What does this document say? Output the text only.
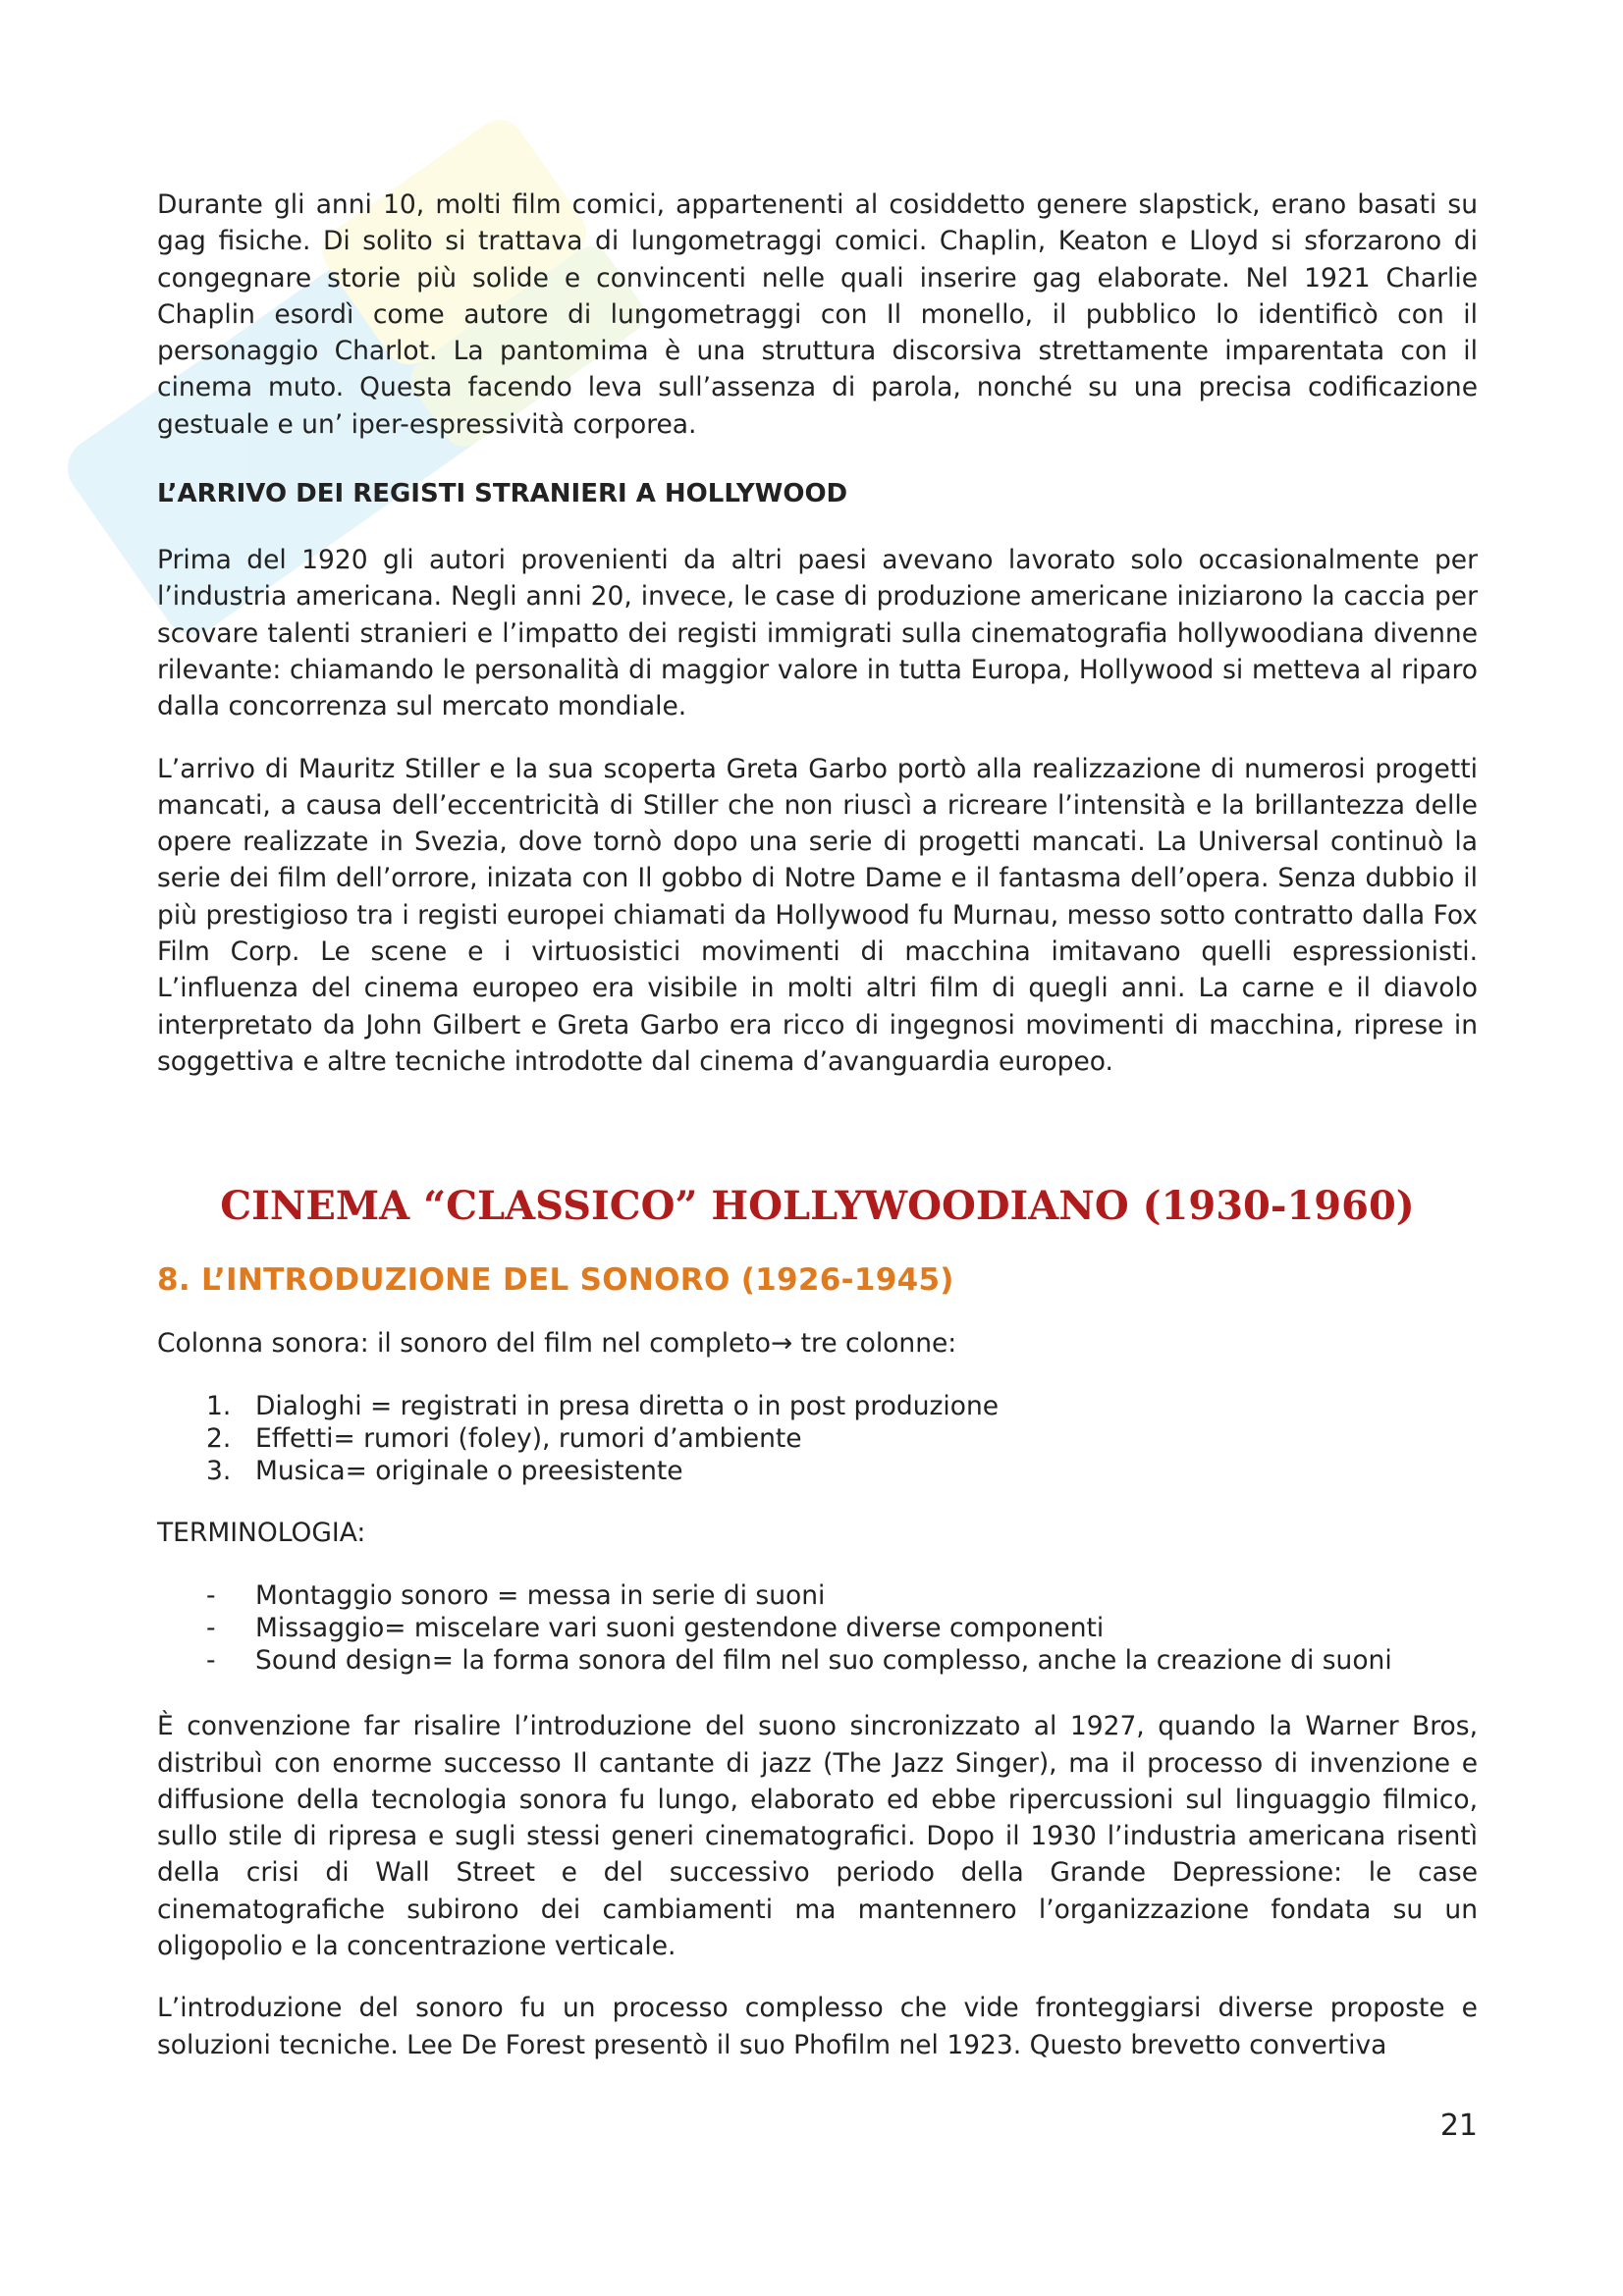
Durante gli anni 10, molti film comici, appartenenti al cosiddetto genere slapstick, erano basati su gag fisiche. Di solito si trattava di lungometraggi comici. Chaplin, Keaton e Lloyd si sforzarono di congegnare storie più solide e convincenti nelle quali inserire gag elaborate. Nel 1921 Charlie Chaplin esordì come autore di lungometraggi con Il monello, il pubblico lo identificò con il personaggio Charlot. La pantomima è una struttura discorsiva strettamente imparentata con il cinema muto. Questa facendo leva sull’assenza di parola, nonché su una precisa codificazione gestuale e un’ iper-espressività corporea.

L’ARRIVO DEI REGISTI STRANIERI A HOLLYWOOD

Prima del 1920 gli autori provenienti da altri paesi avevano lavorato solo occasionalmente per l’industria americana. Negli anni 20, invece, le case di produzione americane iniziarono la caccia per scovare talenti stranieri e l’impatto dei registi immigrati sulla cinematografia hollywoodiana divenne rilevante: chiamando le personalità di maggior valore in tutta Europa, Hollywood si metteva al riparo dalla concorrenza sul mercato mondiale.

L’arrivo di Mauritz Stiller e la sua scoperta Greta Garbo portò alla realizzazione di numerosi progetti mancati, a causa dell’eccentricità di Stiller che non riuscì a ricreare l’intensità e la brillantezza delle opere realizzate in Svezia, dove tornò dopo una serie di progetti mancati. La Universal continuò la serie dei film dell’orrore, inizata con Il gobbo di Notre Dame e il fantasma dell’opera. Senza dubbio il più prestigioso tra i registi europei chiamati da Hollywood fu Murnau, messo sotto contratto dalla Fox Film Corp. Le scene e i virtuosistici movimenti di macchina imitavano quelli espressionisti. L’influenza del cinema europeo era visibile in molti altri film di quegli anni. La carne e il diavolo interpretato da John Gilbert e Greta Garbo era ricco di ingegnosi movimenti di macchina, riprese in soggettiva e altre tecniche introdotte dal cinema d’avanguardia europeo.

CINEMA “CLASSICO” HOLLYWOODIANO (1930-1960)
8. L’INTRODUZIONE DEL SONORO (1926-1945)

Colonna sonora: il sonoro del film nel completo→ tre colonne:

1. Dialoghi = registrati in presa diretta o in post produzione
2. Effetti= rumori (foley), rumori d’ambiente
3. Musica= originale o preesistente

TERMINOLOGIA:

-	Montaggio sonoro = messa in serie di suoni
-	Missaggio= miscelare vari suoni gestendone diverse componenti
-	Sound design= la forma sonora del film nel suo complesso, anche la creazione di suoni

È convenzione far risalire l’introduzione del suono sincronizzato al 1927, quando la Warner Bros, distribuì con enorme successo Il cantante di jazz (The Jazz Singer), ma il processo di invenzione e diffusione della tecnologia sonora fu lungo, elaborato ed ebbe ripercussioni sul linguaggio filmico, sullo stile di ripresa e sugli stessi generi cinematografici. Dopo il 1930 l’industria americana risentì della crisi di Wall Street e del successivo periodo della Grande Depressione: le case cinematografiche subirono dei cambiamenti ma mantennero l’organizzazione fondata su un oligopolio e la concentrazione verticale.

L’introduzione del sonoro fu un processo complesso che vide fronteggiarsi diverse proposte e soluzioni tecniche. Lee De Forest presentò il suo Phofilm nel 1923. Questo brevetto convertiva

21
